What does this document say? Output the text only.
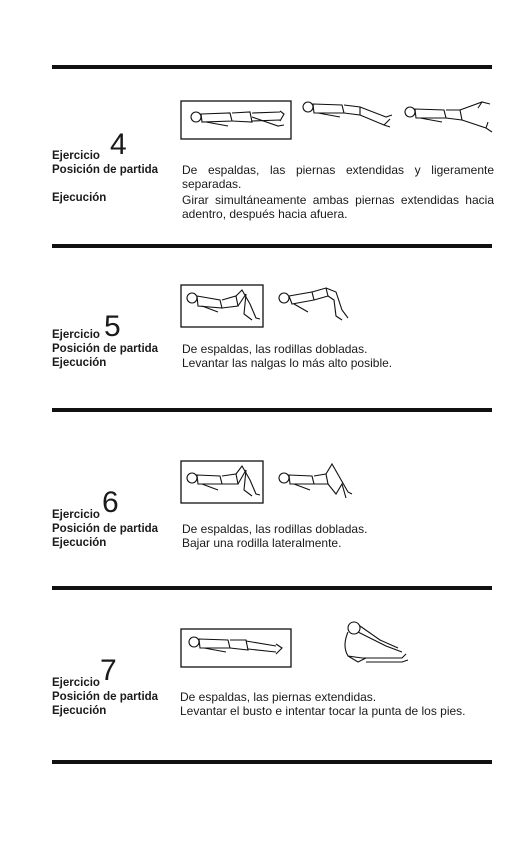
4
Ejercicio
Posición de partida

Ejecución
De espaldas, las piernas extendidas y ligeramente
separadas.
Girar simultáneamente ambas piernas extendidas hacia
adentro, después hacia afuera.
5
Ejercicio
Posición de partida
Ejecución
De espaldas, las rodillas dobladas.
Levantar las nalgas lo más alto posible.
6
Ejercicio
Posición de partida
Ejecución
De espaldas, las rodillas dobladas.
Bajar una rodilla lateralmente.
7
Ejercicio
Posición de partida
Ejecución
De espaldas, las piernas extendidas.
Levantar el busto e intentar tocar la punta de los pies.
